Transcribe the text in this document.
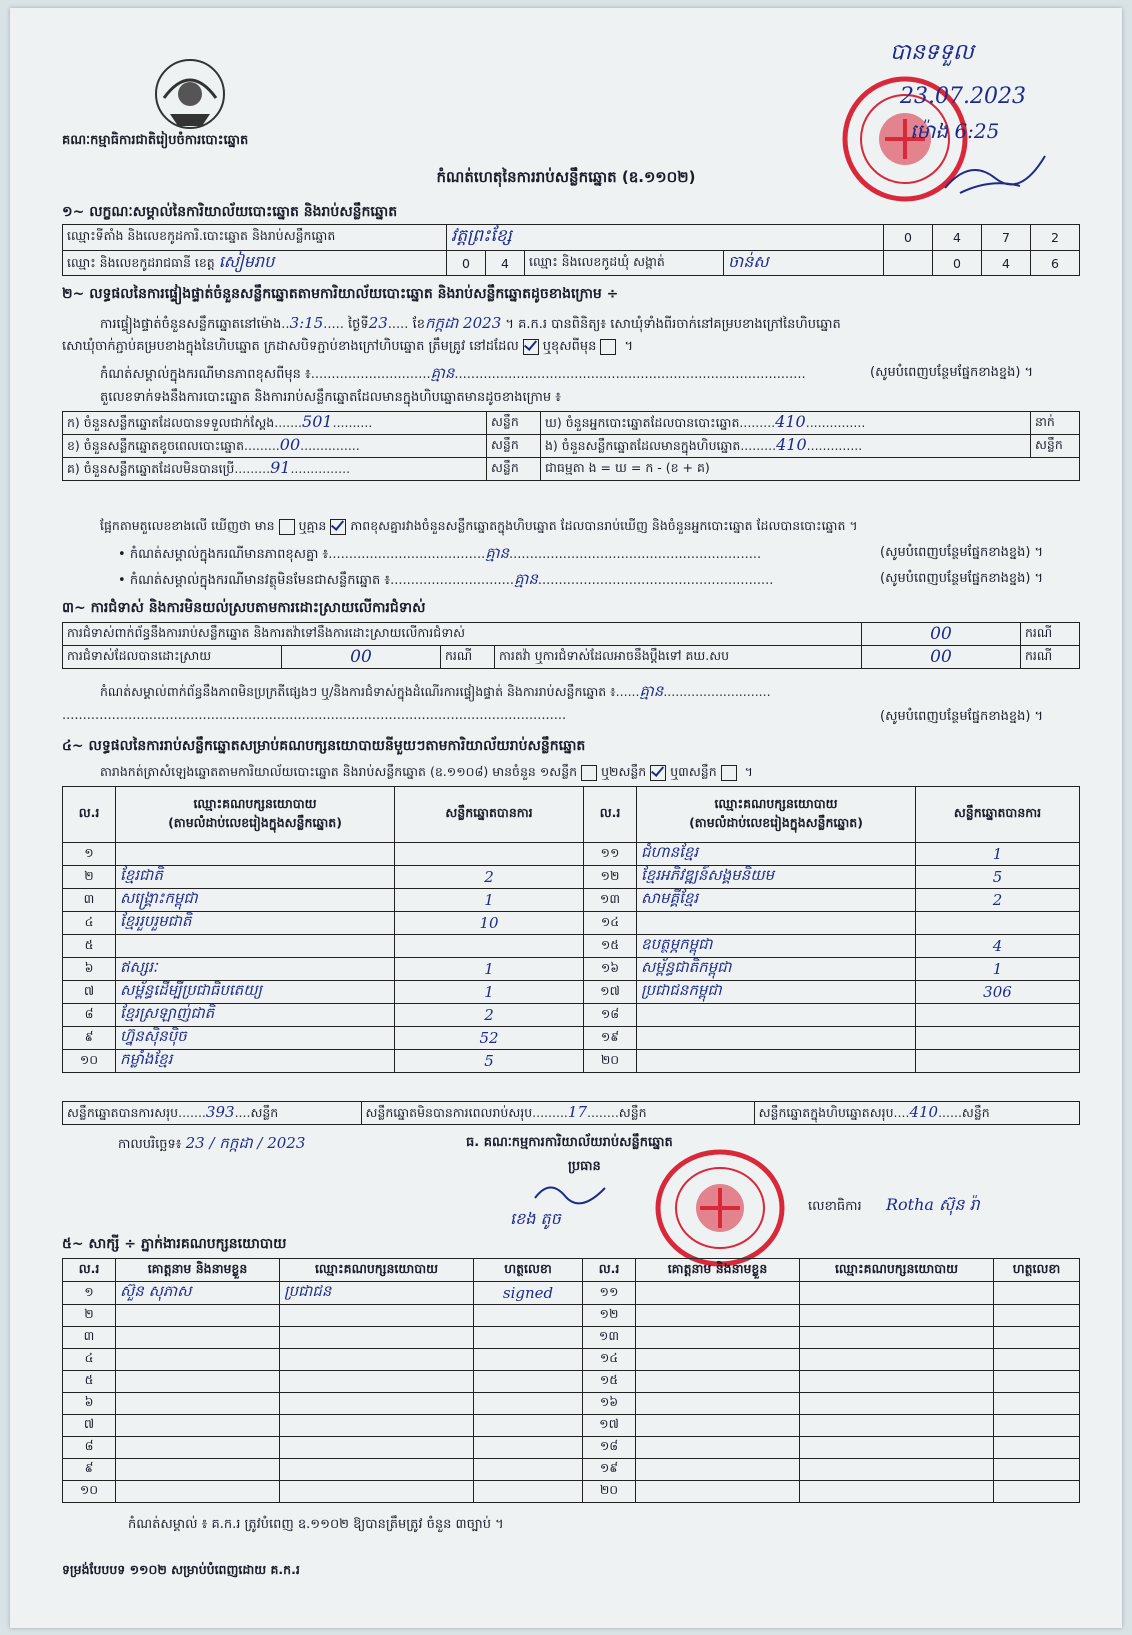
គណៈកម្មាធិការជាតិរៀបចំការបោះឆ្នោត
កំណត់ហេតុនៃការរាប់សន្លឹកឆ្នោត (ឧ.១១០២)
បានទទួល
23.07.2023
ម៉ោង 6:25
១~ លក្ខណៈសម្គាល់នៃការិយាល័យបោះឆ្នោត និងរាប់សន្លឹកឆ្នោត
ឈ្មោះទីតាំង និងលេខកូដការិ.បោះឆ្នោត និងរាប់សន្លឹកឆ្នោត	វត្តព្រះខ្សែ				0	4	7	2
ឈ្មោះ និងលេខកូដរាជធានី ខេត្ត សៀមរាប	0	4	ឈ្មោះ និងលេខកូដឃុំ សង្កាត់	ចាន់ស		0	4	6
២~ លទ្ធផលនៃការផ្ទៀងផ្ទាត់ចំនួនសន្លឹកឆ្នោតតាមការិយាល័យបោះឆ្នោត និងរាប់សន្លឹកឆ្នោតដូចខាងក្រោម ÷
ការផ្ទៀងផ្ទាត់ចំនួនសន្លឹកឆ្នោតនៅម៉ោង..3:15..... ថ្ងៃទី23..... ខែកក្កដា 2023 ។ គ.ក.រ បានពិនិត្យ៖ សោឃុំទាំងពីរចាក់នៅគម្របខាងក្រៅនៃហិបឆ្នោត
សោឃុំចាក់ភ្ជាប់គម្របខាងក្នុងនៃហិបឆ្នោត ក្រដាសបិទភ្ជាប់ខាងក្រៅហិបឆ្នោត ត្រឹមត្រូវ នៅដដែល ឬខុសពីមុន ។
កំណត់សម្គាល់ក្នុងករណីមានភាពខុសពីមុន ៖.............................គ្មាន.....................................................................................	(សូមបំពេញបន្ថែមផ្នែកខាងខ្នង) ។
តួលេខទាក់ទងនឹងការបោះឆ្នោត និងការរាប់សន្លឹកឆ្នោតដែលមានក្នុងហិបឆ្នោតមានដូចខាងក្រោម ៖
ក) ចំនួនសន្លឹកឆ្នោតដែលបានទទួលជាក់ស្តែង.......501..........	សន្លឹក	ឃ) ចំនួនអ្នកបោះឆ្នោតដែលបានបោះឆ្នោត.........410...............	នាក់
ខ) ចំនួនសន្លឹកឆ្នោតខូចពេលបោះឆ្នោត.........00...............	សន្លឹក	ង) ចំនួនសន្លឹកឆ្នោតដែលមានក្នុងហិបឆ្នោត.........410..............	សន្លឹក
គ) ចំនួនសន្លឹកឆ្នោតដែលមិនបានប្រើ.........91...............	សន្លឹក	ជាធម្មតា ង = ឃ = ក - (ខ + គ)	
ផ្អែកតាមតួលេខខាងលើ ឃើញថា មាន ឬគ្មាន ភាពខុសគ្នារវាងចំនួនសន្លឹកឆ្នោតក្នុងហិបឆ្នោត ដែលបានរាប់ឃើញ និងចំនួនអ្នកបោះឆ្នោត ដែលបានបោះឆ្នោត ។
• កំណត់សម្គាល់ក្នុងករណីមានភាពខុសគ្នា ៖......................................គ្មាន.............................................................	(សូមបំពេញបន្ថែមផ្នែកខាងខ្នង) ។
• កំណត់សម្គាល់ក្នុងករណីមានវត្ថុមិនមែនជាសន្លឹកឆ្នោត ៖..............................គ្មាន.........................................................	(សូមបំពេញបន្ថែមផ្នែកខាងខ្នង) ។
៣~ ការជំទាស់ និងការមិនយល់ស្របតាមការដោះស្រាយលើការជំទាស់
ការជំទាស់ពាក់ព័ន្ធនឹងការរាប់សន្លឹកឆ្នោត និងការតវ៉ាទៅនឹងការដោះស្រាយលើការជំទាស់				00	ករណី
ការជំទាស់ដែលបានដោះស្រាយ	00	ករណី	ការតវ៉ា ឬការជំទាស់ដែលអាចនឹងប្តឹងទៅ គឃ.សប	00	ករណី
កំណត់សម្គាល់ពាក់ព័ន្ធនឹងភាពមិនប្រក្រតីផ្សេងៗ ឬ/និងការជំទាស់ក្នុងដំណើរការផ្ទៀងផ្ទាត់ និងការរាប់សន្លឹកឆ្នោត ៖......គ្មាន...........................
..........................................................................................................................	(សូមបំពេញបន្ថែមផ្នែកខាងខ្នង) ។
៤~ លទ្ធផលនៃការរាប់សន្លឹកឆ្នោតសម្រាប់គណបក្សនយោបាយនីមួយៗតាមការិយាល័យរាប់សន្លឹកឆ្នោត
តារាងកត់ត្រាសំឡេងឆ្នោតតាមការិយាល័យបោះឆ្នោត និងរាប់សន្លឹកឆ្នោត (ឧ.១១០៨) មានចំនួន ១សន្លឹក ឬ២សន្លឹក ឬ៣សន្លឹក ។
ល.រ	ឈ្មោះគណបក្សនយោបាយ
(តាមលំដាប់លេខរៀងក្នុងសន្លឹកឆ្នោត)	សន្លឹកឆ្នោតបានការ	ល.រ	ឈ្មោះគណបក្សនយោបាយ
(តាមលំដាប់លេខរៀងក្នុងសន្លឹកឆ្នោត)	សន្លឹកឆ្នោតបានការ
១			១១	ជំហានខ្មែរ	1
២	ខ្មែរជាតិ	2	១២	ខ្មែរអភិវឌ្ឍន៍សង្គមនិយម	5
៣	សង្គ្រោះកម្ពុជា	1	១៣	សាមគ្គីខ្មែរ	2
៤	ខ្មែររួបរួមជាតិ	10	១៤		
៥			១៥	ឧបត្ថម្ភកម្ពុជា	4
៦	ឥស្សរៈ	1	១៦	សម្ព័ន្ធជាតិកម្ពុជា	1
៧	សម្ព័ន្ធដើម្បីប្រជាធិបតេយ្យ	1	១៧	ប្រជាជនកម្ពុជា	306
៨	ខ្មែរស្រឡាញ់ជាតិ	2	១៨		
៩	ហ្វ៊ុនស៊ិនប៉ិច	52	១៩		
១០	កម្លាំងខ្មែរ	5	២០		
សន្លឹកឆ្នោតបានការសរុប.......393....សន្លឹក	សន្លឹកឆ្នោតមិនបានការពេលរាប់សរុប.........17........សន្លឹក	សន្លឹកឆ្នោតក្នុងហិបឆ្នោតសរុប....410......សន្លឹក
កាលបរិច្ឆេទ៖ 23 / កក្កដា / 2023	ធ. គណៈកម្មការការិយាល័យរាប់សន្លឹកឆ្នោត
ប្រធាន
ខេង តូច
លេខាធិការ Rotha ស៊ុន រ៉ា
៥~ សាក្សី ÷ ភ្នាក់ងារគណបក្សនយោបាយ
ល.រ	គោត្តនាម និងនាមខ្លួន	ឈ្មោះគណបក្សនយោបាយ	ហត្ថលេខា	ល.រ	គោត្តនាម និងនាមខ្លួន	ឈ្មោះគណបក្សនយោបាយ	ហត្ថលេខា
១	ស៊ួន សុភាស	ប្រជាជន	signed	១១			
២				១២			
៣				១៣			
៤				១៤			
៥				១៥			
៦				១៦			
៧				១៧			
៨				១៨			
៩				១៩			
១០				២០			
កំណត់សម្គាល់ ៖ គ.ក.រ ត្រូវបំពេញ ឧ.១១០២ ឱ្យបានត្រឹមត្រូវ ចំនួន ៣ច្បាប់ ។
ទម្រង់បែបបទ ១១០២ សម្រាប់បំពេញដោយ គ.ក.រ
